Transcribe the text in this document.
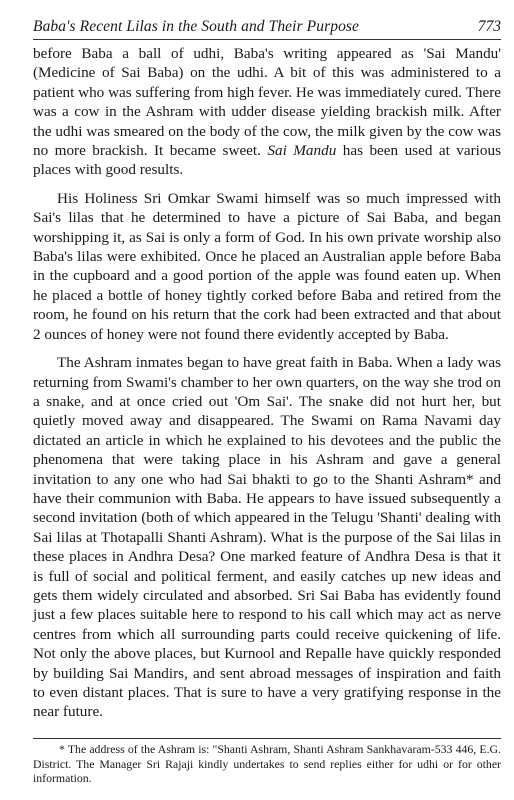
Baba's Recent Lilas in the South and Their Purpose	773

before Baba a ball of udhi, Baba's writing appeared as 'Sai Mandu' (Medicine of Sai Baba) on the udhi. A bit of this was administered to a patient who was suffering from high fever. He was immediately cured. There was a cow in the Ashram with udder disease yielding brackish milk. After the udhi was smeared on the body of the cow, the milk given by the cow was no more brackish. It became sweet. Sai Mandu has been used at various places with good results.

His Holiness Sri Omkar Swami himself was so much impressed with Sai's lilas that he determined to have a picture of Sai Baba, and began worshipping it, as Sai is only a form of God. In his own private worship also Baba's lilas were exhibited. Once he placed an Australian apple before Baba in the cupboard and a good portion of the apple was found eaten up. When he placed a bottle of honey tightly corked before Baba and retired from the room, he found on his return that the cork had been extracted and that about 2 ounces of honey were not found there evidently accepted by Baba.

The Ashram inmates began to have great faith in Baba. When a lady was returning from Swami's chamber to her own quarters, on the way she trod on a snake, and at once cried out 'Om Sai'. The snake did not hurt her, but quietly moved away and disappeared. The Swami on Rama Navami day dictated an article in which he explained to his devotees and the public the phenomena that were taking place in his Ashram and gave a general invitation to any one who had Sai bhakti to go to the Shanti Ashram* and have their communion with Baba. He appears to have issued subsequently a second invitation (both of which appeared in the Telugu 'Shanti' dealing with Sai lilas at Thotapalli Shanti Ashram). What is the purpose of the Sai lilas in these places in Andhra Desa? One marked feature of Andhra Desa is that it is full of social and political ferment, and easily catches up new ideas and gets them widely circulated and absorbed. Sri Sai Baba has evidently found just a few places suitable here to respond to his call which may act as nerve centres from which all surrounding parts could receive quickening of life. Not only the above places, but Kurnool and Repalle have quickly responded by building Sai Mandirs, and sent abroad messages of inspiration and faith to even distant places. That is sure to have a very gratifying response in the near future.

* The address of the Ashram is: "Shanti Ashram, Shanti Ashram Sankhavaram-533 446, E.G. District. The Manager Sri Rajaji kindly undertakes to send replies either for udhi or for other information.
